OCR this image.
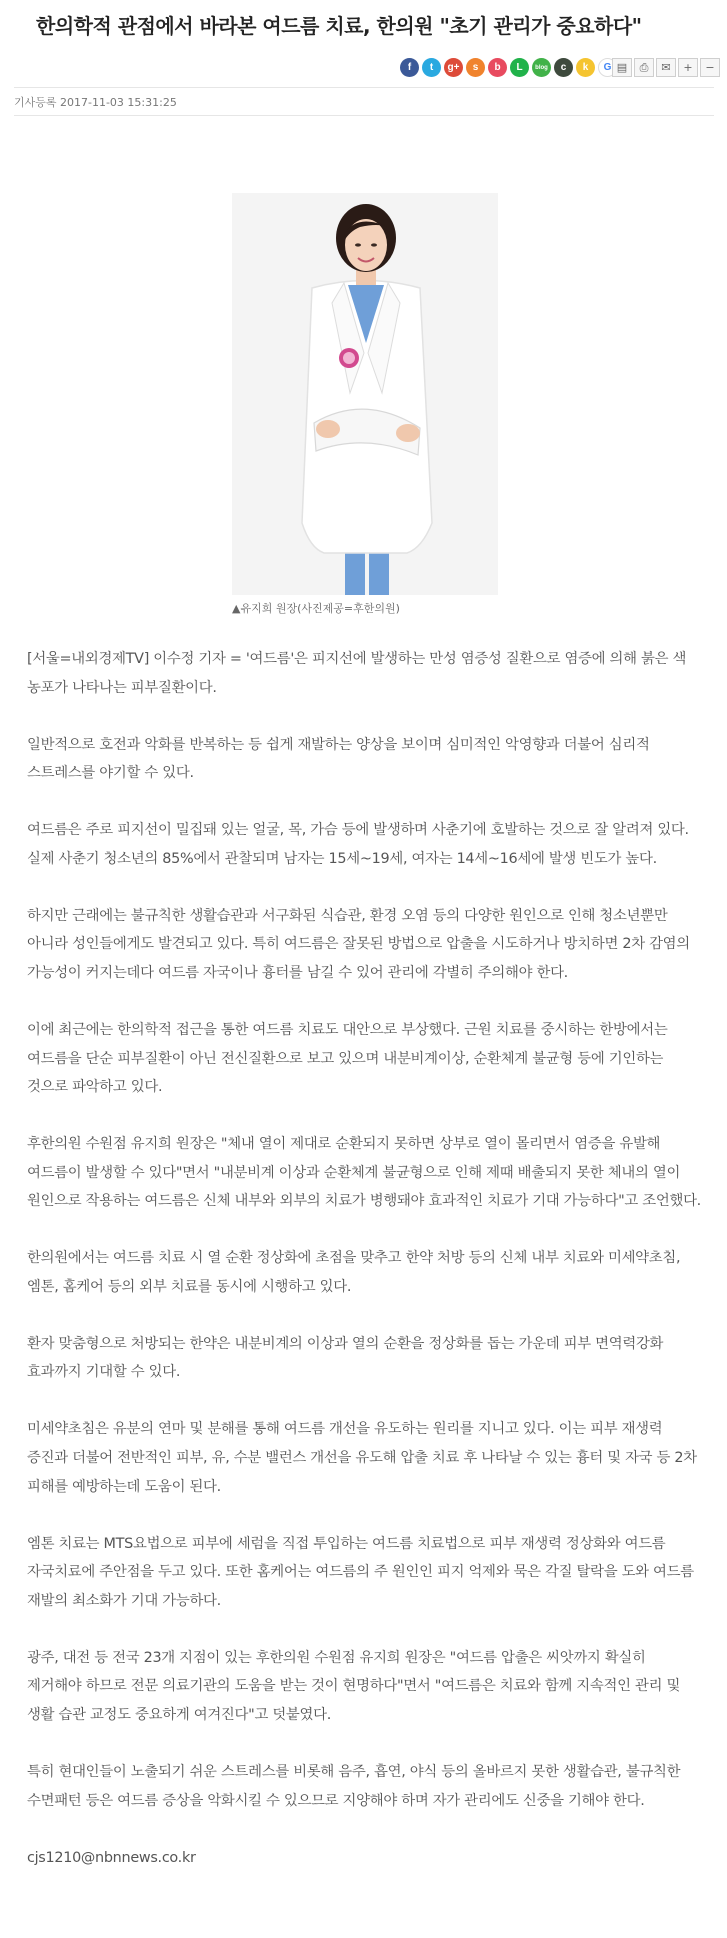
한의학적 관점에서 바라본 여드름 치료, 한의원 "초기 관리가 중요하다"
f	t	g+	s	b	L	blog	c	k	G ▤	⎙	✉	+	−
기사등록 2017-11-03 15:31:25
▲유지희 원장(사진제공=후한의원)

[서울=내외경제TV] 이수정 기자 = '여드름'은 피지선에 발생하는 만성 염증성 질환으로 염증에 의해 붉은 색 농포가 나타나는 피부질환이다.

일반적으로 호전과 악화를 반복하는 등 쉽게 재발하는 양상을 보이며 심미적인 악영향과 더불어 심리적 스트레스를 야기할 수 있다.

여드름은 주로 피지선이 밀집돼 있는 얼굴, 목, 가슴 등에 발생하며 사춘기에 호발하는 것으로 잘 알려져 있다. 실제 사춘기 청소년의 85%에서 관찰되며 남자는 15세~19세, 여자는 14세~16세에 발생 빈도가 높다.

하지만 근래에는 불규칙한 생활습관과 서구화된 식습관, 환경 오염 등의 다양한 원인으로 인해 청소년뿐만 아니라 성인들에게도 발견되고 있다. 특히 여드름은 잘못된 방법으로 압출을 시도하거나 방치하면 2차 감염의 가능성이 커지는데다 여드름 자국이나 흉터를 남길 수 있어 관리에 각별히 주의해야 한다.

이에 최근에는 한의학적 접근을 통한 여드름 치료도 대안으로 부상했다. 근원 치료를 중시하는 한방에서는 여드름을 단순 피부질환이 아닌 전신질환으로 보고 있으며 내분비계이상, 순환체계 불균형 등에 기인하는 것으로 파악하고 있다.

후한의원 수원점 유지희 원장은 "체내 열이 제대로 순환되지 못하면 상부로 열이 몰리면서 염증을 유발해 여드름이 발생할 수 있다"면서 "내분비계 이상과 순환체계 불균형으로 인해 제때 배출되지 못한 체내의 열이 원인으로 작용하는 여드름은 신체 내부와 외부의 치료가 병행돼야 효과적인 치료가 기대 가능하다"고 조언했다.

한의원에서는 여드름 치료 시 열 순환 정상화에 초점을 맞추고 한약 처방 등의 신체 내부 치료와 미세약초침, 엠톤, 홈케어 등의 외부 치료를 동시에 시행하고 있다.

환자 맞춤형으로 처방되는 한약은 내분비계의 이상과 열의 순환을 정상화를 돕는 가운데 피부 면역력강화 효과까지 기대할 수 있다.

미세약초침은 유분의 연마 및 분해를 통해 여드름 개선을 유도하는 원리를 지니고 있다. 이는 피부 재생력 증진과 더불어 전반적인 피부, 유, 수분 밸런스 개선을 유도해 압출 치료 후 나타날 수 있는 흉터 및 자국 등 2차 피해를 예방하는데 도움이 된다.

엠톤 치료는 MTS요법으로 피부에 세럼을 직접 투입하는 여드름 치료법으로 피부 재생력 정상화와 여드름 자국치료에 주안점을 두고 있다. 또한 홈케어는 여드름의 주 원인인 피지 억제와 묵은 각질 탈락을 도와 여드름 재발의 최소화가 기대 가능하다.

광주, 대전 등 전국 23개 지점이 있는 후한의원 수원점 유지희 원장은 "여드름 압출은 씨앗까지 확실히 제거해야 하므로 전문 의료기관의 도움을 받는 것이 현명하다"면서 "여드름은 치료와 함께 지속적인 관리 및 생활 습관 교정도 중요하게 여겨진다"고 덧붙였다.

특히 현대인들이 노출되기 쉬운 스트레스를 비롯해 음주, 흡연, 야식 등의 올바르지 못한 생활습관, 불규칙한 수면패턴 등은 여드름 증상을 악화시킬 수 있으므로 지양해야 하며 자가 관리에도 신중을 기해야 한다.

cjs1210@nbnnews.co.kr
